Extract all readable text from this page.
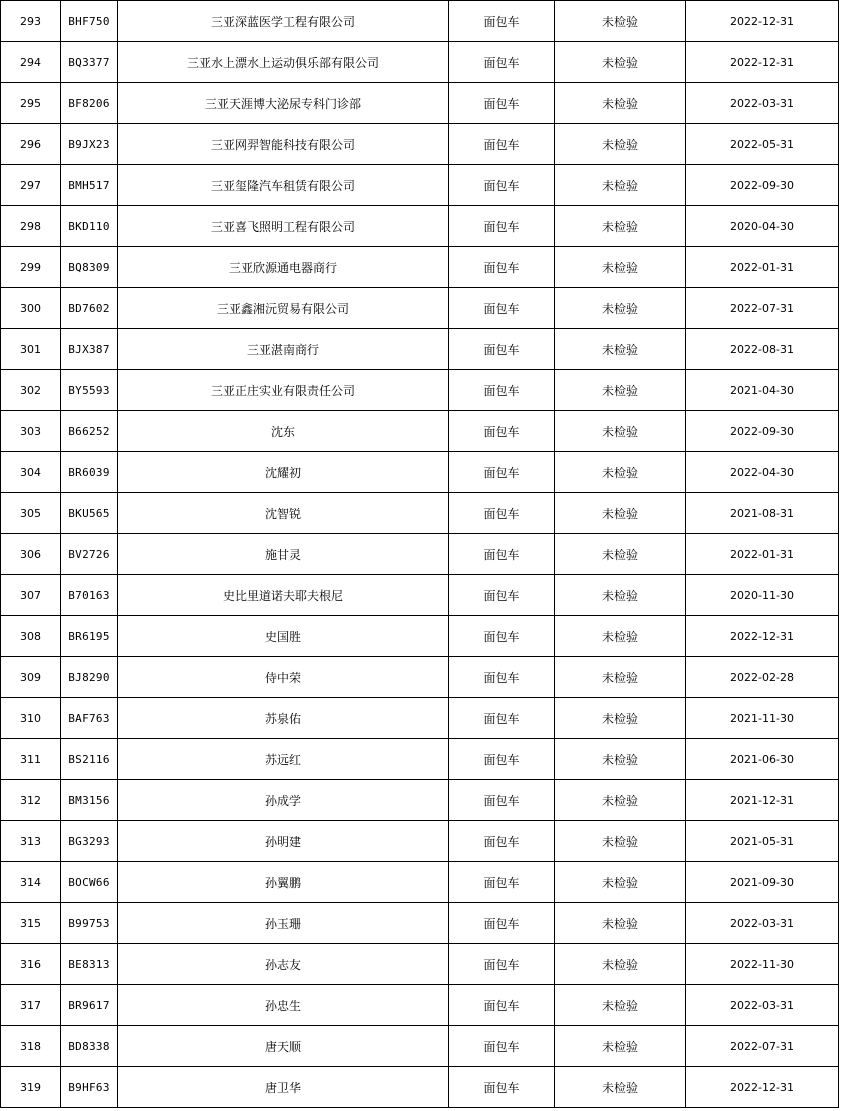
293	BHF750	三亚深蓝医学工程有限公司	面包车	未检验	2022-12-31
294	BQ3377	三亚水上漂水上运动俱乐部有限公司	面包车	未检验	2022-12-31
295	BF8206	三亚天涯博大泌尿专科门诊部	面包车	未检验	2022-03-31
296	B9JX23	三亚网羿智能科技有限公司	面包车	未检验	2022-05-31
297	BMH517	三亚玺隆汽车租赁有限公司	面包车	未检验	2022-09-30
298	BKD110	三亚喜飞照明工程有限公司	面包车	未检验	2020-04-30
299	BQ8309	三亚欣源通电器商行	面包车	未检验	2022-01-31
300	BD7602	三亚鑫湘沅贸易有限公司	面包车	未检验	2022-07-31
301	BJX387	三亚湛南商行	面包车	未检验	2022-08-31
302	BY5593	三亚正庄实业有限责任公司	面包车	未检验	2021-04-30
303	B66252	沈东	面包车	未检验	2022-09-30
304	BR6039	沈耀初	面包车	未检验	2022-04-30
305	BKU565	沈智锐	面包车	未检验	2021-08-31
306	BV2726	施甘灵	面包车	未检验	2022-01-31
307	B70163	史比里道诺夫耶夫根尼	面包车	未检验	2020-11-30
308	BR6195	史国胜	面包车	未检验	2022-12-31
309	BJ8290	侍中荣	面包车	未检验	2022-02-28
310	BAF763	苏泉佑	面包车	未检验	2021-11-30
311	BS2116	苏远红	面包车	未检验	2021-06-30
312	BM3156	孙成学	面包车	未检验	2021-12-31
313	BG3293	孙明建	面包车	未检验	2021-05-31
314	BOCW66	孙翼鹏	面包车	未检验	2021-09-30
315	B99753	孙玉珊	面包车	未检验	2022-03-31
316	BE8313	孙志友	面包车	未检验	2022-11-30
317	BR9617	孙忠生	面包车	未检验	2022-03-31
318	BD8338	唐天顺	面包车	未检验	2022-07-31
319	B9HF63	唐卫华	面包车	未检验	2022-12-31
